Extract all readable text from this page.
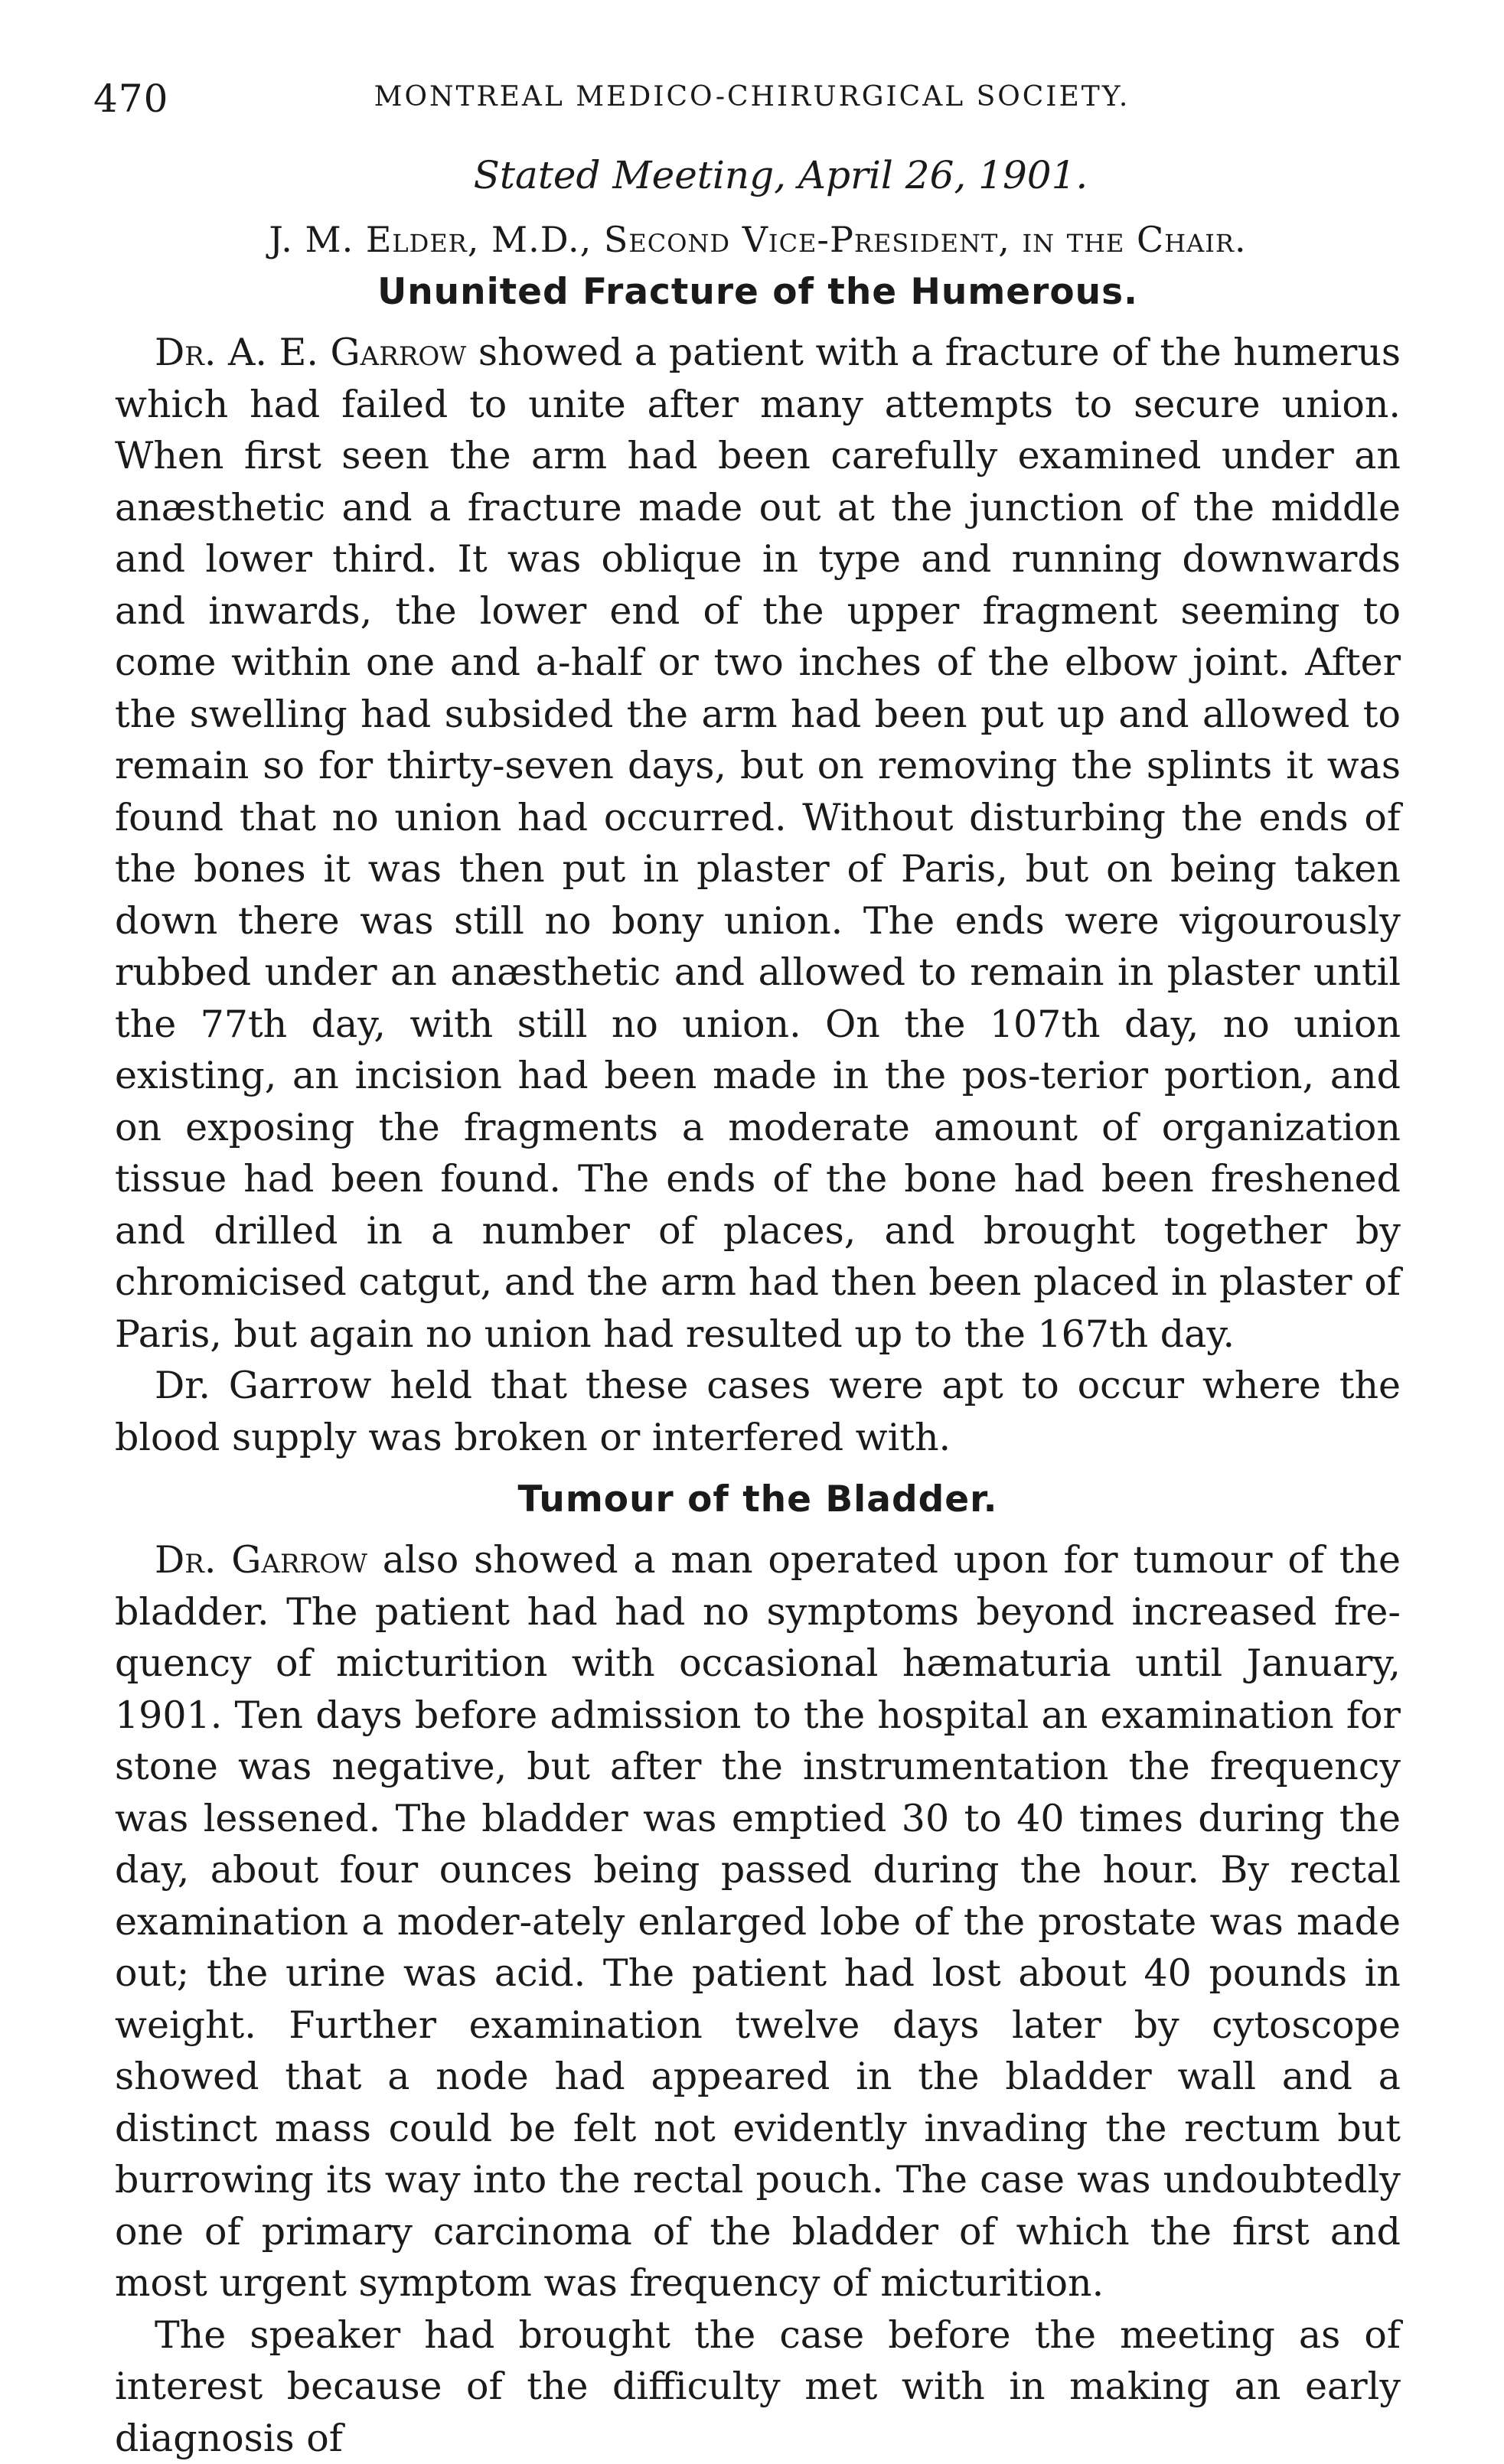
470	MONTREAL MEDICO-CHIRURGICAL SOCIETY.
Stated Meeting, April 26, 1901.
J. M. Elder, M.D., Second Vice-President, in the Chair.
Ununited Fracture of the Humerous.

Dr. A. E. Garrow showed a patient with a fracture of the humerus which had failed to unite after many attempts to secure union. When first seen the arm had been carefully examined under an anæsthetic and a fracture made out at the junction of the middle and lower third. It was oblique in type and running downwards and inwards, the lower end of the upper fragment seeming to come within one and a-half or two inches of the elbow joint. After the swelling had subsided the arm had been put up and allowed to remain so for thirty-seven days, but on removing the splints it was found that no union had occurred. Without disturbing the ends of the bones it was then put in plaster of Paris, but on being taken down there was still no bony union. The ends were vigourously rubbed under an anæsthetic and allowed to remain in plaster until the 77th day, with still no union. On the 107th day, no union existing, an incision had been made in the pos-terior portion, and on exposing the fragments a moderate amount of organization tissue had been found. The ends of the bone had been freshened and drilled in a number of places, and brought together by chromicised catgut, and the arm had then been placed in plaster of Paris, but again no union had resulted up to the 167th day.

Dr. Garrow held that these cases were apt to occur where the blood supply was broken or interfered with.

Tumour of the Bladder.

Dr. Garrow also showed a man operated upon for tumour of the bladder. The patient had had no symptoms beyond increased fre-quency of micturition with occasional hæmaturia until January, 1901. Ten days before admission to the hospital an examination for stone was negative, but after the instrumentation the frequency was lessened. The bladder was emptied 30 to 40 times during the day, about four ounces being passed during the hour. By rectal examination a moder-ately enlarged lobe of the prostate was made out; the urine was acid. The patient had lost about 40 pounds in weight. Further examination twelve days later by cytoscope showed that a node had appeared in the bladder wall and a distinct mass could be felt not evidently invading the rectum but burrowing its way into the rectal pouch. The case was undoubtedly one of primary carcinoma of the bladder of which the first and most urgent symptom was frequency of micturition.

The speaker had brought the case before the meeting as of interest because of the difficulty met with in making an early diagnosis of
